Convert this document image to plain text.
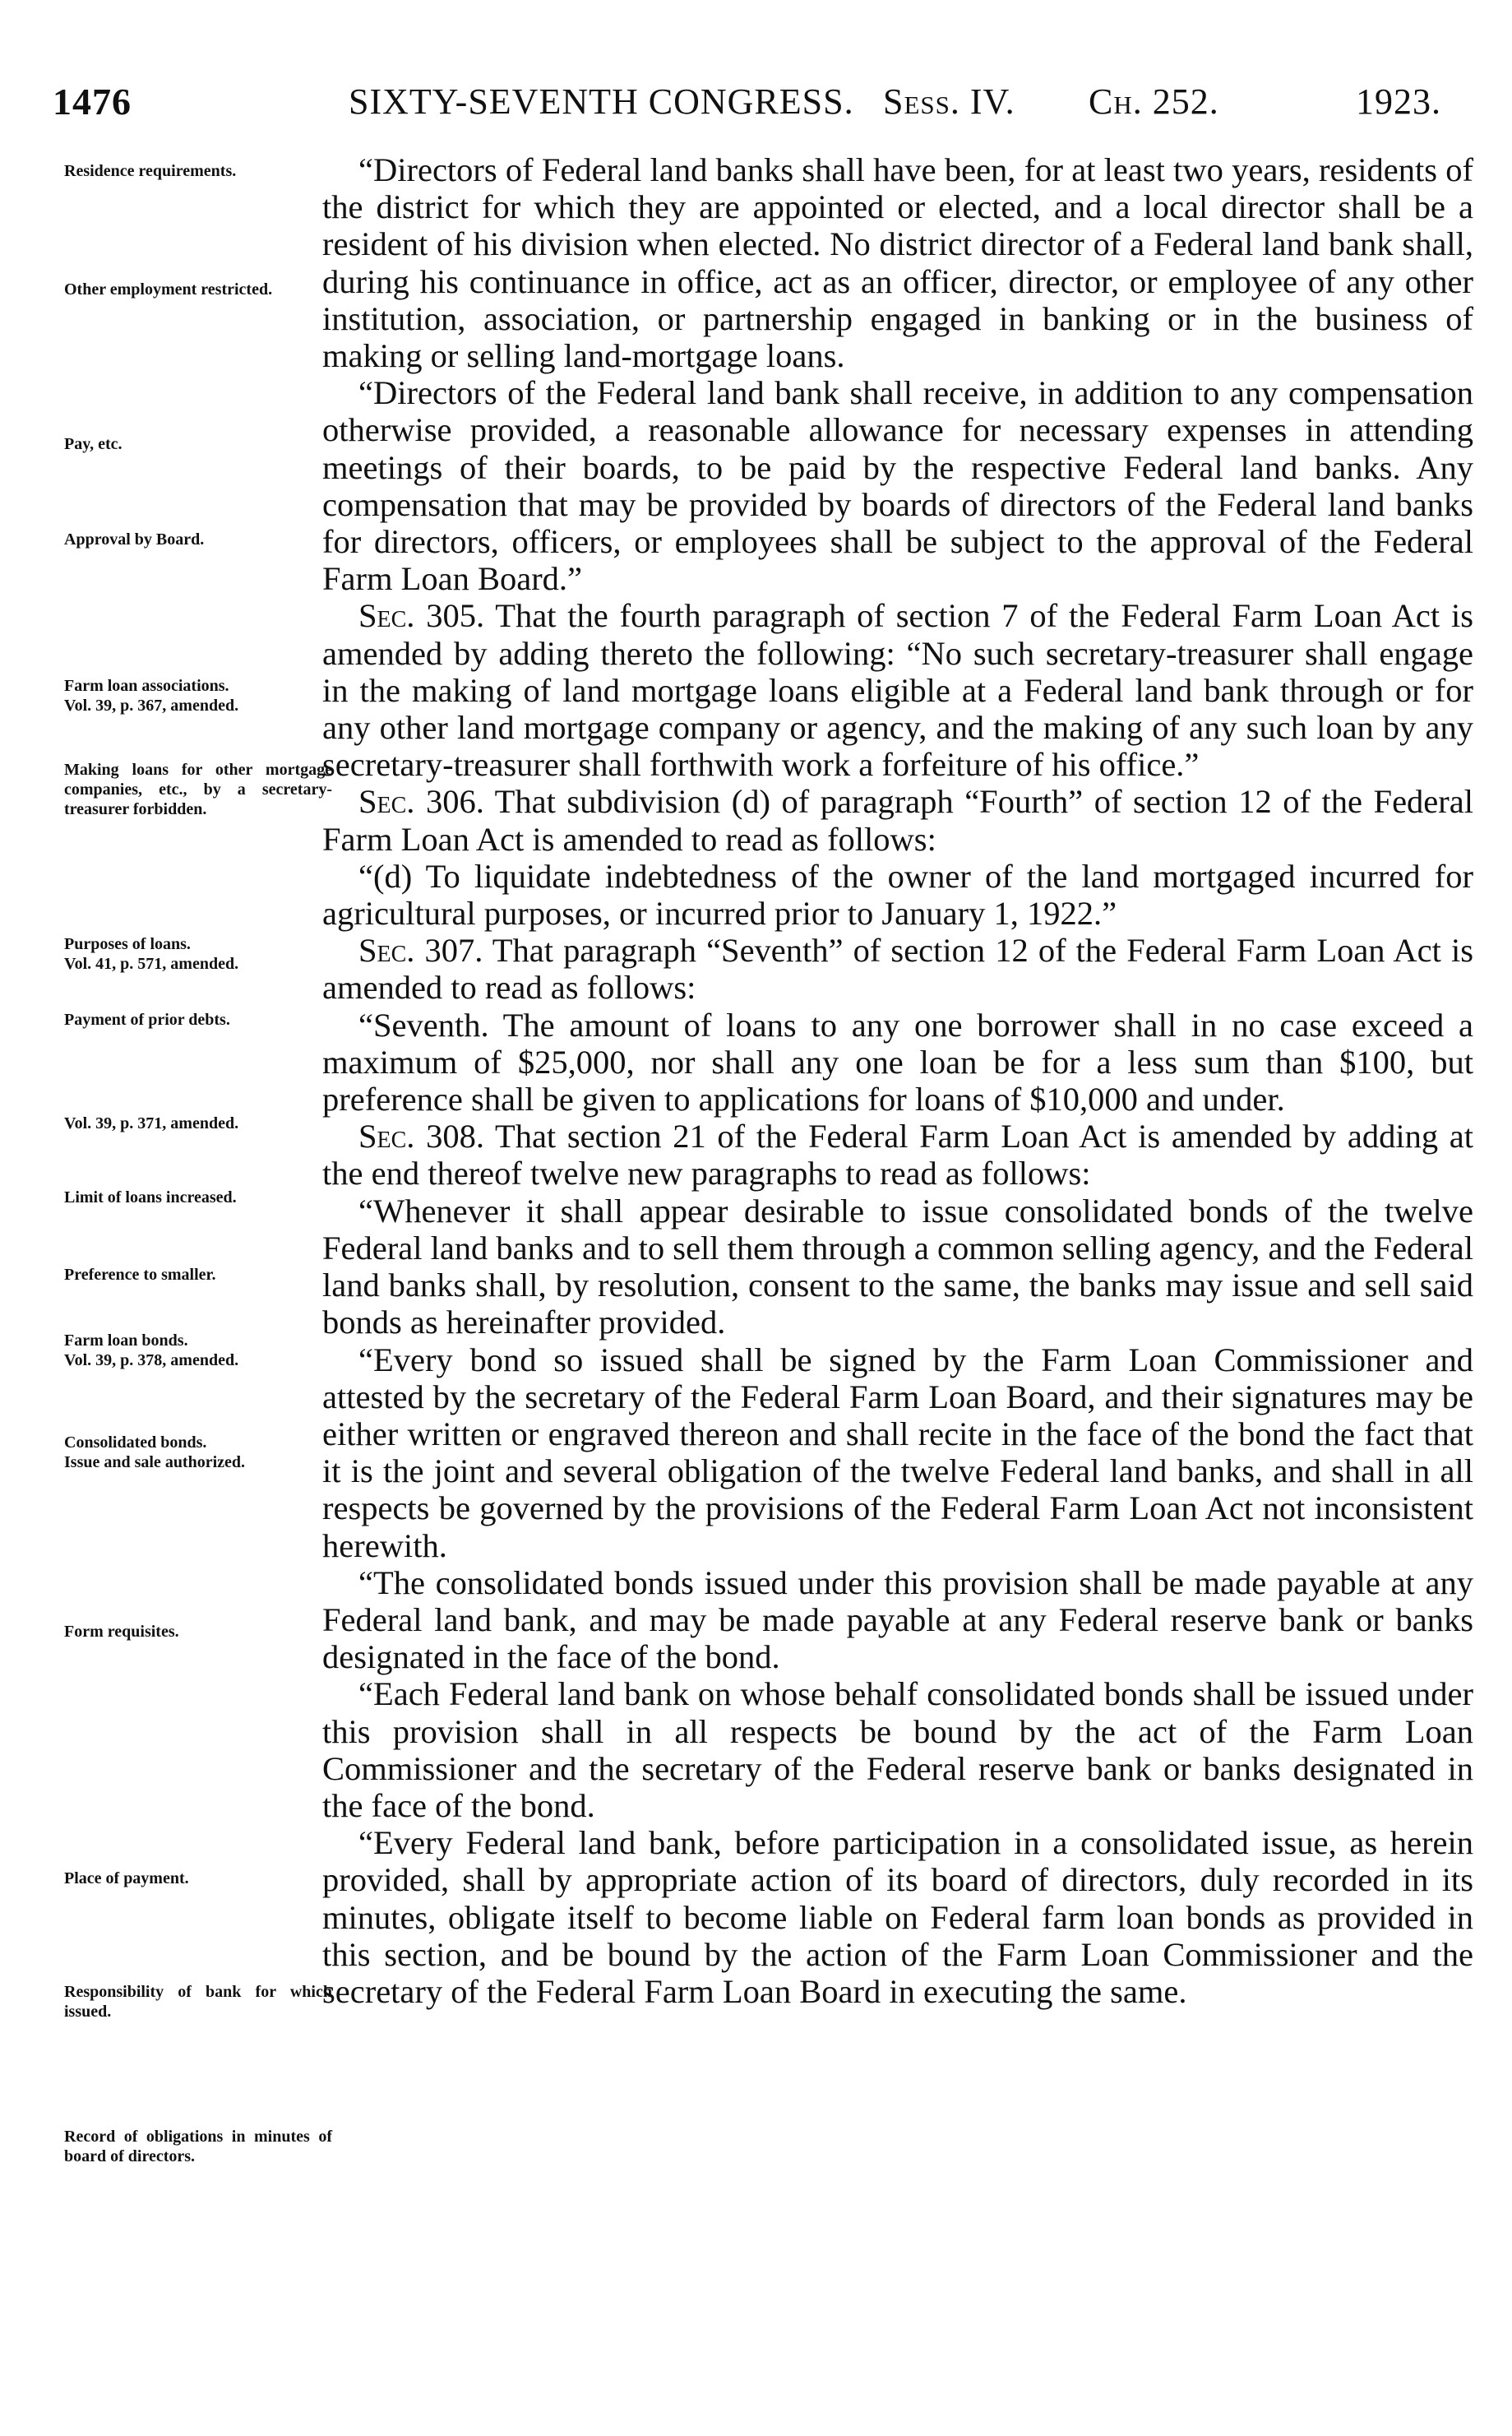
1476	SIXTY-SEVENTH CONGRESS. Sess. IV. Ch. 252.	1923.
Residence requirements.
Other employment restricted.
Pay, etc.
Approval by Board.
Farm loan associations.
Vol. 39, p. 367, amended.
Making loans for other mortgage companies, etc., by a secretary-treasurer forbidden.
Purposes of loans.
Vol. 41, p. 571, amended.
Payment of prior debts.
Vol. 39, p. 371, amended.
Limit of loans increased.
Preference to smaller.
Farm loan bonds.
Vol. 39, p. 378, amended.
Consolidated bonds.
Issue and sale authorized.
Form requisites.
Place of payment.
Responsibility of bank for which issued.
Record of obligations in minutes of board of directors.

“Directors of Federal land banks shall have been, for at least two years, residents of the district for which they are appointed or elected, and a local director shall be a resident of his division when elected. No district director of a Federal land bank shall, during his continuance in office, act as an officer, director, or employee of any other institution, association, or partnership engaged in banking or in the business of making or selling land-mortgage loans.

“Directors of the Federal land bank shall receive, in addition to any compensation otherwise provided, a reasonable allowance for necessary expenses in attending meetings of their boards, to be paid by the respective Federal land banks. Any compensation that may be provided by boards of directors of the Federal land banks for directors, officers, or employees shall be subject to the approval of the Federal Farm Loan Board.”

Sec. 305. That the fourth paragraph of section 7 of the Federal Farm Loan Act is amended by adding thereto the following: “No such secretary-treasurer shall engage in the making of land mortgage loans eligible at a Federal land bank through or for any other land mortgage company or agency, and the making of any such loan by any secretary-treasurer shall forthwith work a forfeiture of his office.”

Sec. 306. That subdivision (d) of paragraph “Fourth” of section 12 of the Federal Farm Loan Act is amended to read as follows:

“(d) To liquidate indebtedness of the owner of the land mortgaged incurred for agricultural purposes, or incurred prior to January 1, 1922.”

Sec. 307. That paragraph “Seventh” of section 12 of the Federal Farm Loan Act is amended to read as follows:

“Seventh. The amount of loans to any one borrower shall in no case exceed a maximum of $25,000, nor shall any one loan be for a less sum than $100, but preference shall be given to applications for loans of $10,000 and under.

Sec. 308. That section 21 of the Federal Farm Loan Act is amended by adding at the end thereof twelve new paragraphs to read as follows:

“Whenever it shall appear desirable to issue consolidated bonds of the twelve Federal land banks and to sell them through a common selling agency, and the Federal land banks shall, by resolution, consent to the same, the banks may issue and sell said bonds as hereinafter provided.

“Every bond so issued shall be signed by the Farm Loan Commissioner and attested by the secretary of the Federal Farm Loan Board, and their signatures may be either written or engraved thereon and shall recite in the face of the bond the fact that it is the joint and several obligation of the twelve Federal land banks, and shall in all respects be governed by the provisions of the Federal Farm Loan Act not inconsistent herewith.

“The consolidated bonds issued under this provision shall be made payable at any Federal land bank, and may be made payable at any Federal reserve bank or banks designated in the face of the bond.

“Each Federal land bank on whose behalf consolidated bonds shall be issued under this provision shall in all respects be bound by the act of the Farm Loan Commissioner and the secretary of the Federal reserve bank or banks designated in the face of the bond.

“Every Federal land bank, before participation in a consolidated issue, as herein provided, shall by appropriate action of its board of directors, duly recorded in its minutes, obligate itself to become liable on Federal farm loan bonds as provided in this section, and be bound by the action of the Farm Loan Commissioner and the secretary of the Federal Farm Loan Board in executing the same.
